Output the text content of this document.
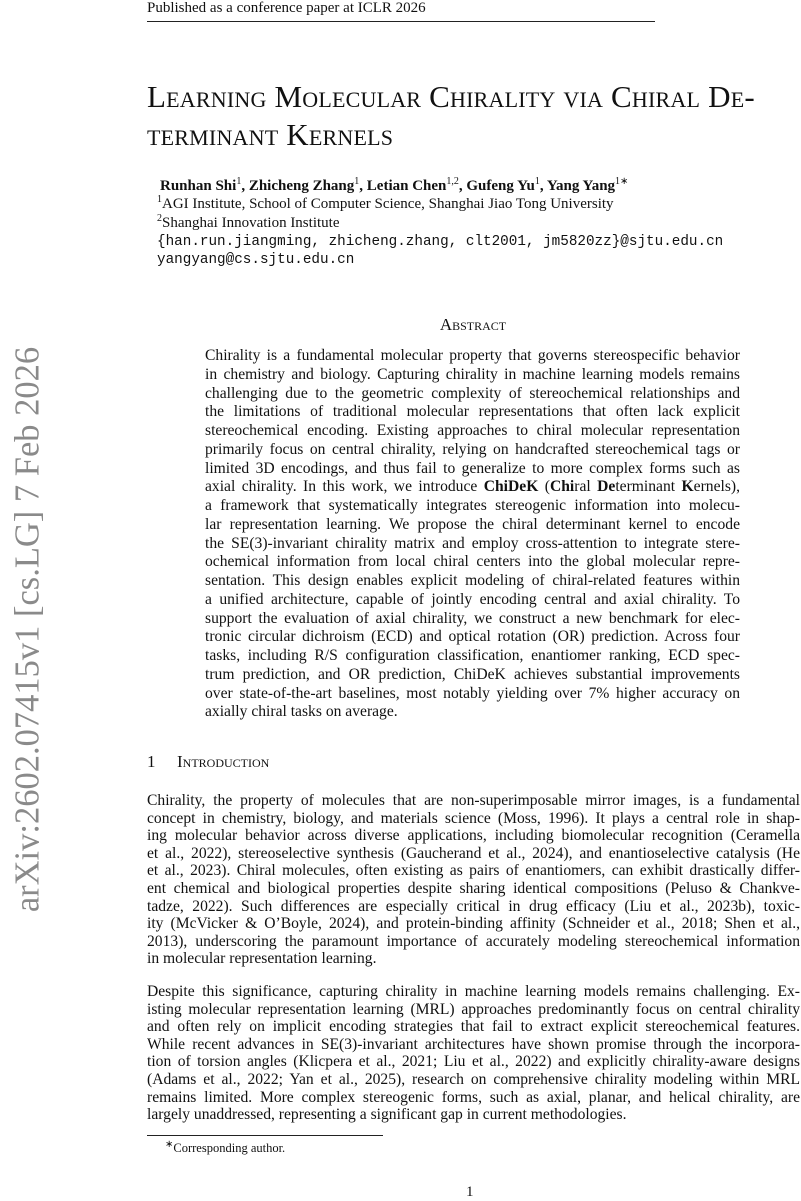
Published as a conference paper at ICLR 2026
arXiv:2602.07415v1 [cs.LG] 7 Feb 2026
Learning Molecular Chirality via Chiral De-
terminant Kernels
Runhan Shi$^1$, Zhicheng Zhang$^1$, Letian Chen$^{1,2}$, Gufeng Yu$^1$, Yang Yang$^{1∗}$
$^1$AGI Institute, School of Computer Science, Shanghai Jiao Tong University
$^2$Shanghai Innovation Institute
{han.run.jiangming, zhicheng.zhang, clt2001, jm5820zz}@sjtu.edu.cn
yangyang@cs.sjtu.edu.cn
Abstract
Chirality is a fundamental molecular property that governs stereospecific behavior
in chemistry and biology. Capturing chirality in machine learning models remains
challenging due to the geometric complexity of stereochemical relationships and
the limitations of traditional molecular representations that often lack explicit
stereochemical encoding. Existing approaches to chiral molecular representation
primarily focus on central chirality, relying on handcrafted stereochemical tags or
limited 3D encodings, and thus fail to generalize to more complex forms such as
axial chirality. In this work, we introduce ChiDeK (Chiral Determinant Kernels),
a framework that systematically integrates stereogenic information into molecu-
lar representation learning. We propose the chiral determinant kernel to encode
the SE(3)-invariant chirality matrix and employ cross-attention to integrate stere-
ochemical information from local chiral centers into the global molecular repre-
sentation. This design enables explicit modeling of chiral-related features within
a unified architecture, capable of jointly encoding central and axial chirality. To
support the evaluation of axial chirality, we construct a new benchmark for elec-
tronic circular dichroism (ECD) and optical rotation (OR) prediction. Across four
tasks, including R/S configuration classification, enantiomer ranking, ECD spec-
trum prediction, and OR prediction, ChiDeK achieves substantial improvements
over state-of-the-art baselines, most notably yielding over 7% higher accuracy on
axially chiral tasks on average.
1 Introduction
Chirality, the property of molecules that are non-superimposable mirror images, is a fundamental
concept in chemistry, biology, and materials science (Moss, 1996). It plays a central role in shap-
ing molecular behavior across diverse applications, including biomolecular recognition (Ceramella
et al., 2022), stereoselective synthesis (Gaucherand et al., 2024), and enantioselective catalysis (He
et al., 2023). Chiral molecules, often existing as pairs of enantiomers, can exhibit drastically differ-
ent chemical and biological properties despite sharing identical compositions (Peluso & Chankve-
tadze, 2022). Such differences are especially critical in drug efficacy (Liu et al., 2023b), toxic-
ity (McVicker & O’Boyle, 2024), and protein-binding affinity (Schneider et al., 2018; Shen et al.,
2013), underscoring the paramount importance of accurately modeling stereochemical information
in molecular representation learning.
Despite this significance, capturing chirality in machine learning models remains challenging. Ex-
isting molecular representation learning (MRL) approaches predominantly focus on central chirality
and often rely on implicit encoding strategies that fail to extract explicit stereochemical features.
While recent advances in SE(3)-invariant architectures have shown promise through the incorpora-
tion of torsion angles (Klicpera et al., 2021; Liu et al., 2022) and explicitly chirality-aware designs
(Adams et al., 2022; Yan et al., 2025), research on comprehensive chirality modeling within MRL
remains limited. More complex stereogenic forms, such as axial, planar, and helical chirality, are
largely unaddressed, representing a significant gap in current methodologies.
∗Corresponding author.
1
